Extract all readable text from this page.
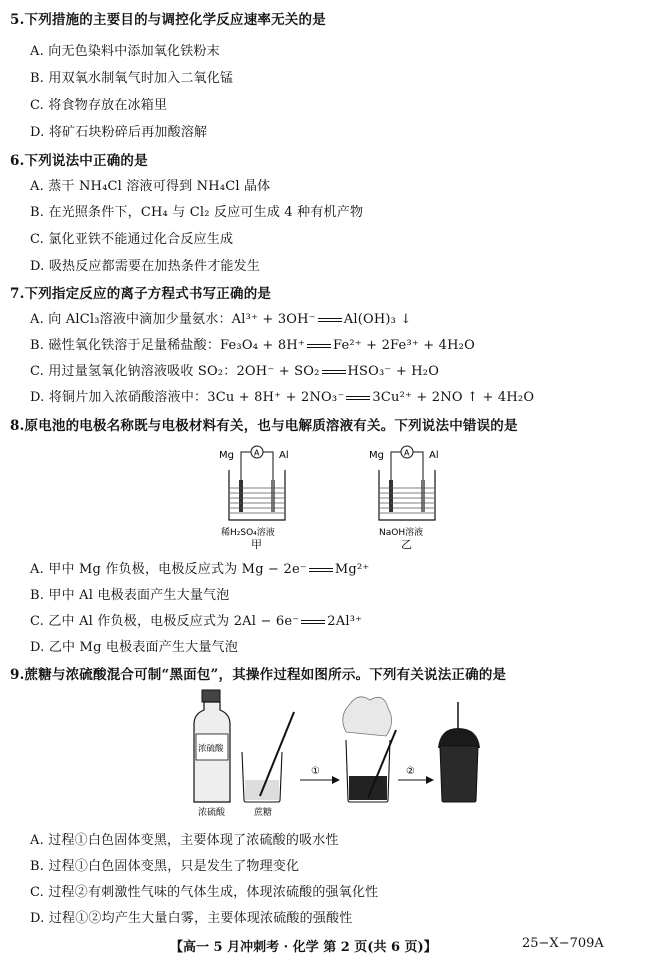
5.下列措施的主要目的与调控化学反应速率无关的是
A. 向无色染料中添加氧化铁粉末
B. 用双氧水制氧气时加入二氧化锰
C. 将食物存放在冰箱里
D. 将矿石块粉碎后再加酸溶解
6.下列说法中正确的是
A. 蒸干 NH₄Cl 溶液可得到 NH₄Cl 晶体
B. 在光照条件下，CH₄ 与 Cl₂ 反应可生成 4 种有机产物
C. 氯化亚铁不能通过化合反应生成
D. 吸热反应都需要在加热条件才能发生
7.下列指定反应的离子方程式书写正确的是
A. 向 AlCl₃溶液中滴加少量氨水：Al³⁺ + 3OH⁻ Al(OH)₃ ↓
B. 磁性氧化铁溶于足量稀盐酸：Fe₃O₄ + 8H⁺ Fe²⁺ + 2Fe³⁺ + 4H₂O
C. 用过量氢氧化钠溶液吸收 SO₂：2OH⁻ + SO₂ HSO₃⁻ + H₂O
D. 将铜片加入浓硝酸溶液中：3Cu + 8H⁺ + 2NO₃⁻ 3Cu²⁺ + 2NO ↑ + 4H₂O
8.原电池的电极名称既与电极材料有关，也与电解质溶液有关。下列说法中错误的是
Mg	Al
A
稀H₂SO₄溶液
甲
Mg	Al
A
NaOH溶液
乙
A. 甲中 Mg 作负极，电极反应式为 Mg − 2e⁻ Mg²⁺
B. 甲中 Al 电极表面产生大量气泡
C. 乙中 Al 作负极，电极反应式为 2Al − 6e⁻ 2Al³⁺
D. 乙中 Mg 电极表面产生大量气泡
9.蔗糖与浓硫酸混合可制“黑面包”，其操作过程如图所示。下列有关说法正确的是
浓硫酸
浓硫酸	蔗糖
①	②
A. 过程①白色固体变黑，主要体现了浓硫酸的吸水性
B. 过程①白色固体变黑，只是发生了物理变化
C. 过程②有刺激性气味的气体生成，体现浓硫酸的强氧化性
D. 过程①②均产生大量白雾，主要体现浓硫酸的强酸性
【高一 5 月冲刺考 · 化学 第 2 页(共 6 页)】	25−X−709A
